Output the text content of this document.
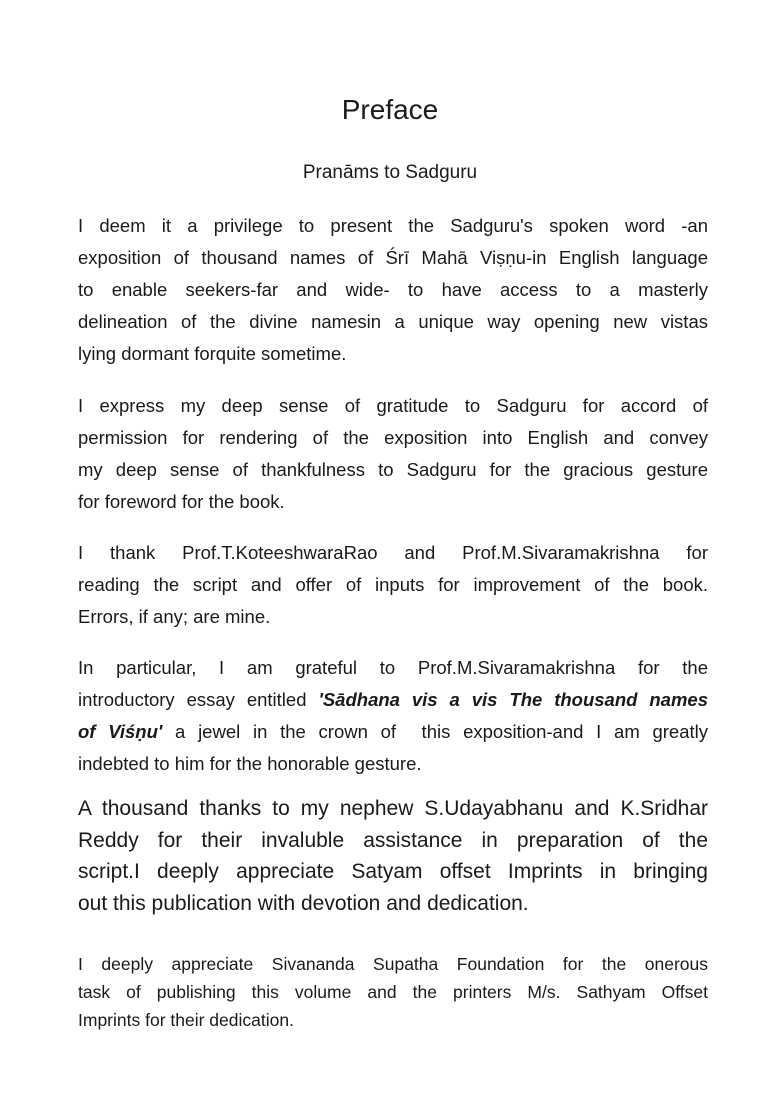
Preface
Pranāms to Sadguru
I deem it a privilege to present the Sadguru's spoken word -an
exposition of thousand names of Śrī Mahā Viṣṇu-in English language
to enable seekers-far and wide- to have access to a masterly
delineation of the divine namesin a unique way opening new vistas
lying dormant forquite sometime.
I express my deep sense of gratitude to Sadguru for accord of
permission for rendering of the exposition into English and convey
my deep sense of thankfulness to Sadguru for the gracious gesture
for foreword for the book.
I thank Prof.T.KoteeshwaraRao and Prof.M.Sivaramakrishna for
reading the script and offer of inputs for improvement of the book.
Errors, if any; are mine.
In particular, I am grateful to Prof.M.Sivaramakrishna for the
introductory essay entitled 'Sādhana vis a vis The thousand names
of Viśṇu' a jewel in the crown of  this exposition-and I am greatly
indebted to him for the honorable gesture.
A thousand thanks to my nephew S.Udayabhanu and K.Sridhar
Reddy for their invaluble assistance in preparation of the
script.I deeply appreciate Satyam offset Imprints in bringing
out this publication with devotion and dedication.
I deeply appreciate Sivananda Supatha Foundation for the onerous
task of publishing this volume and the printers M/s. Sathyam Offset
Imprints for their dedication.
